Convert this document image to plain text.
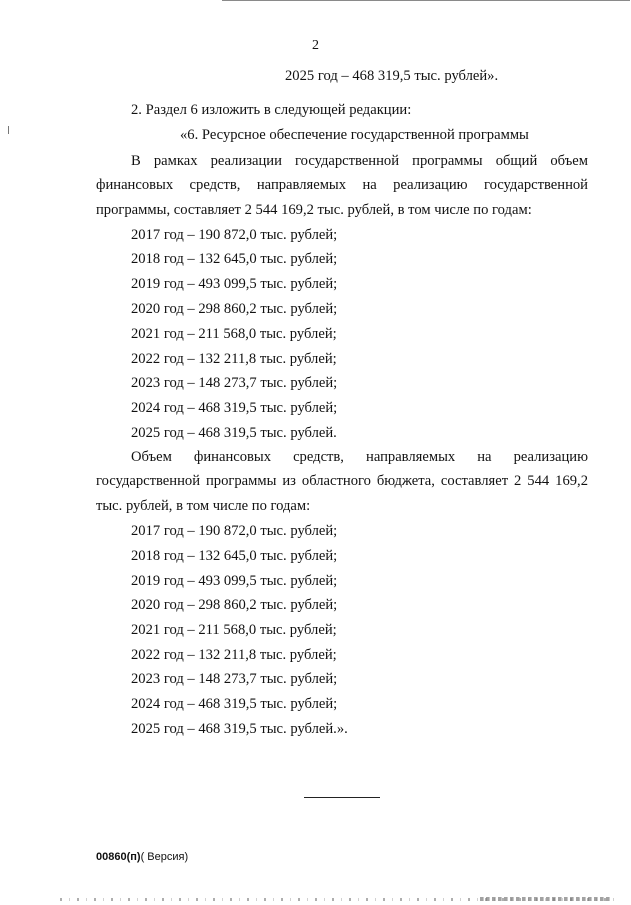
2
2025 год – 468 319,5 тыс. рублей».
2. Раздел 6 изложить в следующей редакции:
«6. Ресурсное обеспечение государственной программы
В рамках реализации государственной программы общий объем
финансовых средств, направляемых на реализацию государственной
программы, составляет 2 544 169,2 тыс. рублей, в том числе по годам:
2017 год – 190 872,0 тыс. рублей;
2018 год – 132 645,0 тыс. рублей;
2019 год – 493 099,5 тыс. рублей;
2020 год – 298 860,2 тыс. рублей;
2021 год – 211 568,0 тыс. рублей;
2022 год – 132 211,8 тыс. рублей;
2023 год – 148 273,7 тыс. рублей;
2024 год – 468 319,5 тыс. рублей;
2025 год – 468 319,5 тыс. рублей.
Объем финансовых средств, направляемых на реализацию
государственной программы из областного бюджета, составляет 2 544 169,2
тыс. рублей, в том числе по годам:
2017 год – 190 872,0 тыс. рублей;
2018 год – 132 645,0 тыс. рублей;
2019 год – 493 099,5 тыс. рублей;
2020 год – 298 860,2 тыс. рублей;
2021 год – 211 568,0 тыс. рублей;
2022 год – 132 211,8 тыс. рублей;
2023 год – 148 273,7 тыс. рублей;
2024 год – 468 319,5 тыс. рублей;
2025 год – 468 319,5 тыс. рублей.».
00860(п)( Версия)
